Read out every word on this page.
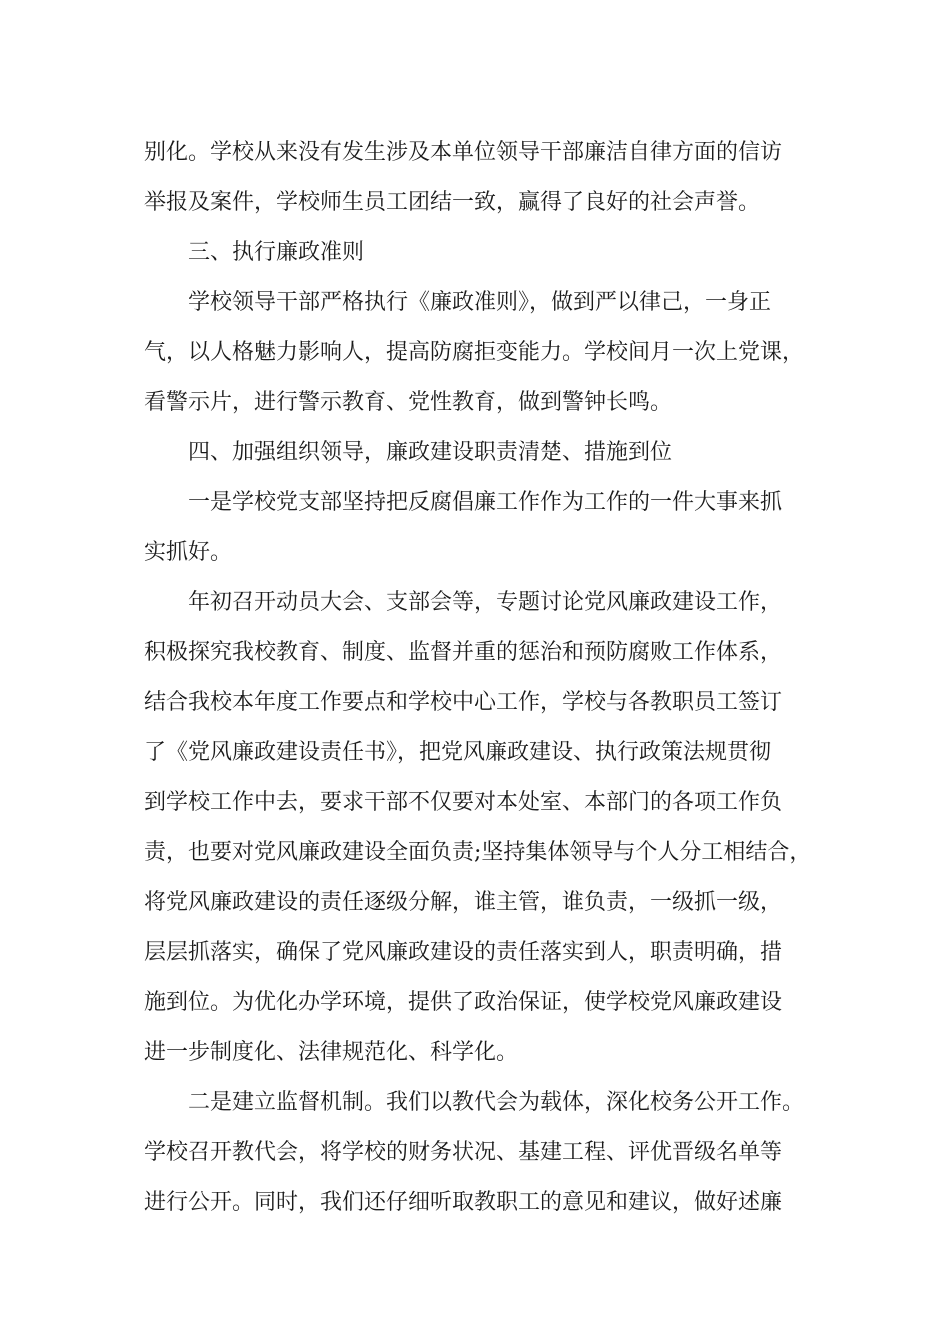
别化。学校从来没有发生涉及本单位领导干部廉洁自律方面的信访
举报及案件，学校师生员工团结一致，赢得了良好的社会声誉。
三、执行廉政准则
学校领导干部严格执行《廉政准则》，做到严以律己，一身正
气，以人格魅力影响人，提高防腐拒变能力。学校间月一次上党课，
看警示片，进行警示教育、党性教育，做到警钟长鸣。
四、加强组织领导，廉政建设职责清楚、措施到位
一是学校党支部坚持把反腐倡廉工作作为工作的一件大事来抓
实抓好。
年初召开动员大会、支部会等，专题讨论党风廉政建设工作，
积极探究我校教育、制度、监督并重的惩治和预防腐败工作体系，
结合我校本年度工作要点和学校中心工作，学校与各教职员工签订
了《党风廉政建设责任书》，把党风廉政建设、执行政策法规贯彻
到学校工作中去，要求干部不仅要对本处室、本部门的各项工作负
责，也要对党风廉政建设全面负责;坚持集体领导与个人分工相结合，
将党风廉政建设的责任逐级分解，谁主管，谁负责，一级抓一级，
层层抓落实，确保了党风廉政建设的责任落实到人，职责明确，措
施到位。为优化办学环境，提供了政治保证，使学校党风廉政建设
进一步制度化、法律规范化、科学化。
二是建立监督机制。我们以教代会为载体，深化校务公开工作。
学校召开教代会，将学校的财务状况、基建工程、评优晋级名单等
进行公开。同时，我们还仔细听取教职工的意见和建议，做好述廉
